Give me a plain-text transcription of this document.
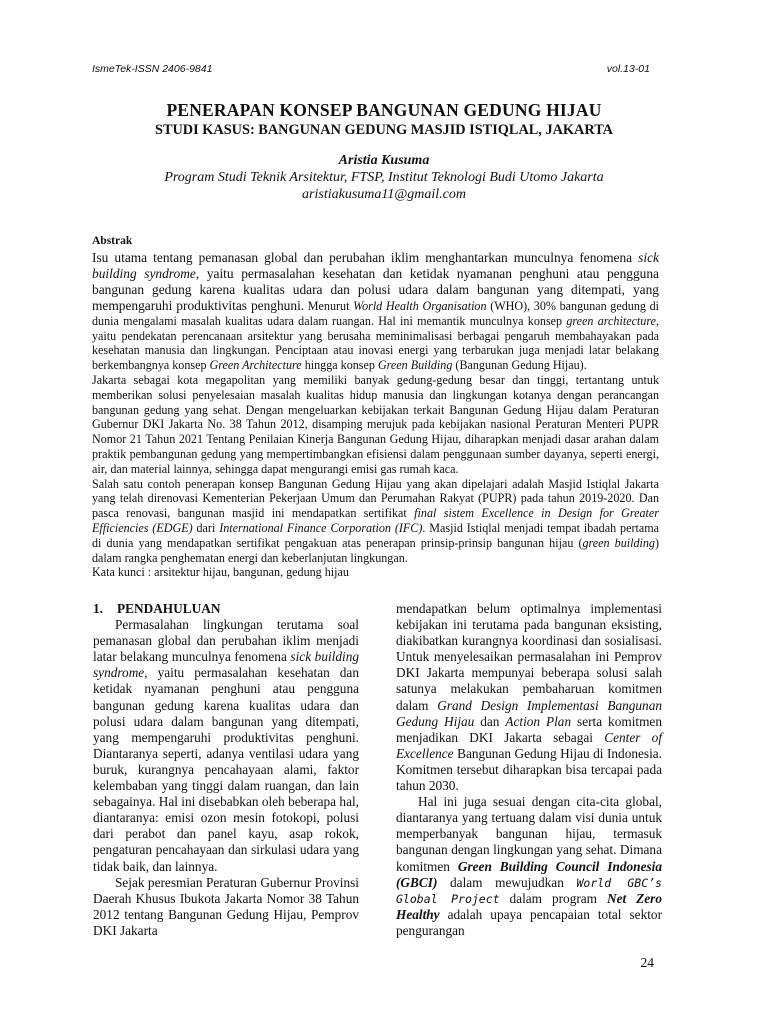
IsmeTek-ISSN 2406-9841	vol.13-01
PENERAPAN KONSEP BANGUNAN GEDUNG HIJAU
STUDI KASUS: BANGUNAN GEDUNG MASJID ISTIQLAL, JAKARTA
Aristia Kusuma
Program Studi Teknik Arsitektur, FTSP, Institut Teknologi Budi Utomo Jakarta
aristiakusuma11@gmail.com
Abstrak

Isu utama tentang pemanasan global dan perubahan iklim menghantarkan munculnya fenomena sick building syndrome, yaitu permasalahan kesehatan dan ketidak nyamanan penghuni atau pengguna bangunan gedung karena kualitas udara dan polusi udara dalam bangunan yang ditempati, yang mempengaruhi produktivitas penghuni. Menurut World Health Organisation (WHO), 30% bangunan gedung di dunia mengalami masalah kualitas udara dalam ruangan. Hal ini memantik munculnya konsep green architecture, yaitu pendekatan perencanaan arsitektur yang berusaha meminimalisasi berbagai pengaruh membahayakan pada kesehatan manusia dan lingkungan. Penciptaan atau inovasi energi yang terbarukan juga menjadi latar belakang berkembangnya konsep Green Architecture hingga konsep Green Building (Bangunan Gedung Hijau).

Jakarta sebagai kota megapolitan yang memiliki banyak gedung-gedung besar dan tinggi, tertantang untuk memberikan solusi penyelesaian masalah kualitas hidup manusia dan lingkungan kotanya dengan perancangan bangunan gedung yang sehat. Dengan mengeluarkan kebijakan terkait Bangunan Gedung Hijau dalam Peraturan Gubernur DKI Jakarta No. 38 Tahun 2012, disamping merujuk pada kebijakan nasional Peraturan Menteri PUPR Nomor 21 Tahun 2021 Tentang Penilaian Kinerja Bangunan Gedung Hijau, diharapkan menjadi dasar arahan dalam praktik pembangunan gedung yang mempertimbangkan efisiensi dalam penggunaan sumber dayanya, seperti energi, air, dan material lainnya, sehingga dapat mengurangi emisi gas rumah kaca.

Salah satu contoh penerapan konsep Bangunan Gedung Hijau yang akan dipelajari adalah Masjid Istiqlal Jakarta yang telah direnovasi Kementerian Pekerjaan Umum dan Perumahan Rakyat (PUPR) pada tahun 2019-2020. Dan pasca renovasi, bangunan masjid ini mendapatkan sertifikat final sistem Excellence in Design for Greater Efficiencies (EDGE) dari International Finance Corporation (IFC). Masjid Istiqlal menjadi tempat ibadah pertama di dunia yang mendapatkan sertifikat pengakuan atas penerapan prinsip-prinsip bangunan hijau (green building) dalam rangka penghematan energi dan keberlanjutan lingkungan.

Kata kunci : arsitektur hijau, bangunan, gedung hijau

1. PENDAHULUAN

Permasalahan lingkungan terutama soal pemanasan global dan perubahan iklim menjadi latar belakang munculnya fenomena sick building syndrome, yaitu permasalahan kesehatan dan ketidak nyamanan penghuni atau pengguna bangunan gedung karena kualitas udara dan polusi udara dalam bangunan yang ditempati, yang mempengaruhi produktivitas penghuni. Diantaranya seperti, adanya ventilasi udara yang buruk, kurangnya pencahayaan alami, faktor kelembaban yang tinggi dalam ruangan, dan lain sebagainya. Hal ini disebabkan oleh beberapa hal, diantaranya: emisi ozon mesin fotokopi, polusi dari perabot dan panel kayu, asap rokok, pengaturan pencahayaan dan sirkulasi udara yang tidak baik, dan lainnya.

Sejak peresmian Peraturan Gubernur Provinsi Daerah Khusus Ibukota Jakarta Nomor 38 Tahun 2012 tentang Bangunan Gedung Hijau, Pemprov DKI Jakarta

mendapatkan belum optimalnya implementasi kebijakan ini terutama pada bangunan eksisting, diakibatkan kurangnya koordinasi dan sosialisasi. Untuk menyelesaikan permasalahan ini Pemprov DKI Jakarta mempunyai beberapa solusi salah satunya melakukan pembaharuan komitmen dalam Grand Design Implementasi Bangunan Gedung Hijau dan Action Plan serta komitmen menjadikan DKI Jakarta sebagai Center of Excellence Bangunan Gedung Hijau di Indonesia. Komitmen tersebut diharapkan bisa tercapai pada tahun 2030.

Hal ini juga sesuai dengan cita-cita global, diantaranya yang tertuang dalam visi dunia untuk memperbanyak bangunan hijau, termasuk bangunan dengan lingkungan yang sehat. Dimana komitmen Green Building Council Indonesia (GBCI) dalam mewujudkan World GBC’s Global Project dalam program Net Zero Healthy adalah upaya pencapaian total sektor pengurangan

24
